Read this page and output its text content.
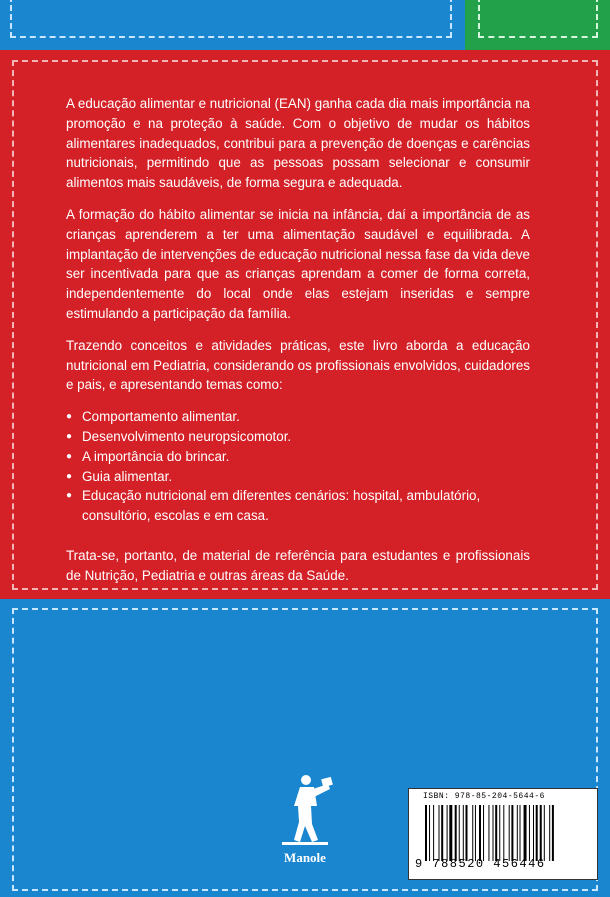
A educação alimentar e nutricional (EAN) ganha cada dia mais importância na promoção e na proteção à saúde. Com o objetivo de mudar os hábitos alimentares inadequados, contribui para a prevenção de doenças e carências nutricionais, permitindo que as pessoas possam selecionar e consumir alimentos mais saudáveis, de forma segura e adequada.

A formação do hábito alimentar se inicia na infância, daí a importância de as crianças aprenderem a ter uma alimentação saudável e equilibrada. A implantação de intervenções de educação nutricional nessa fase da vida deve ser incentivada para que as crianças aprendam a comer de forma correta, independentemente do local onde elas estejam inseridas e sempre estimulando a participação da família.

Trazendo conceitos e atividades práticas, este livro aborda a educação nutricional em Pediatria, considerando os profissionais envolvidos, cuidadores e pais, e apresentando temas como:

● Comportamento alimentar.
● Desenvolvimento neuropsicomotor.
● A importância do brincar.
● Guia alimentar.
● Educação nutricional em diferentes cenários: hospital, ambulatório, consultório, escolas e em casa.

Trata-se, portanto, de material de referência para estudantes e profissionais de Nutrição, Pediatria e outras áreas da Saúde.

Manole
ISBN: 978-85-204-5644-6
9 788520 456446
